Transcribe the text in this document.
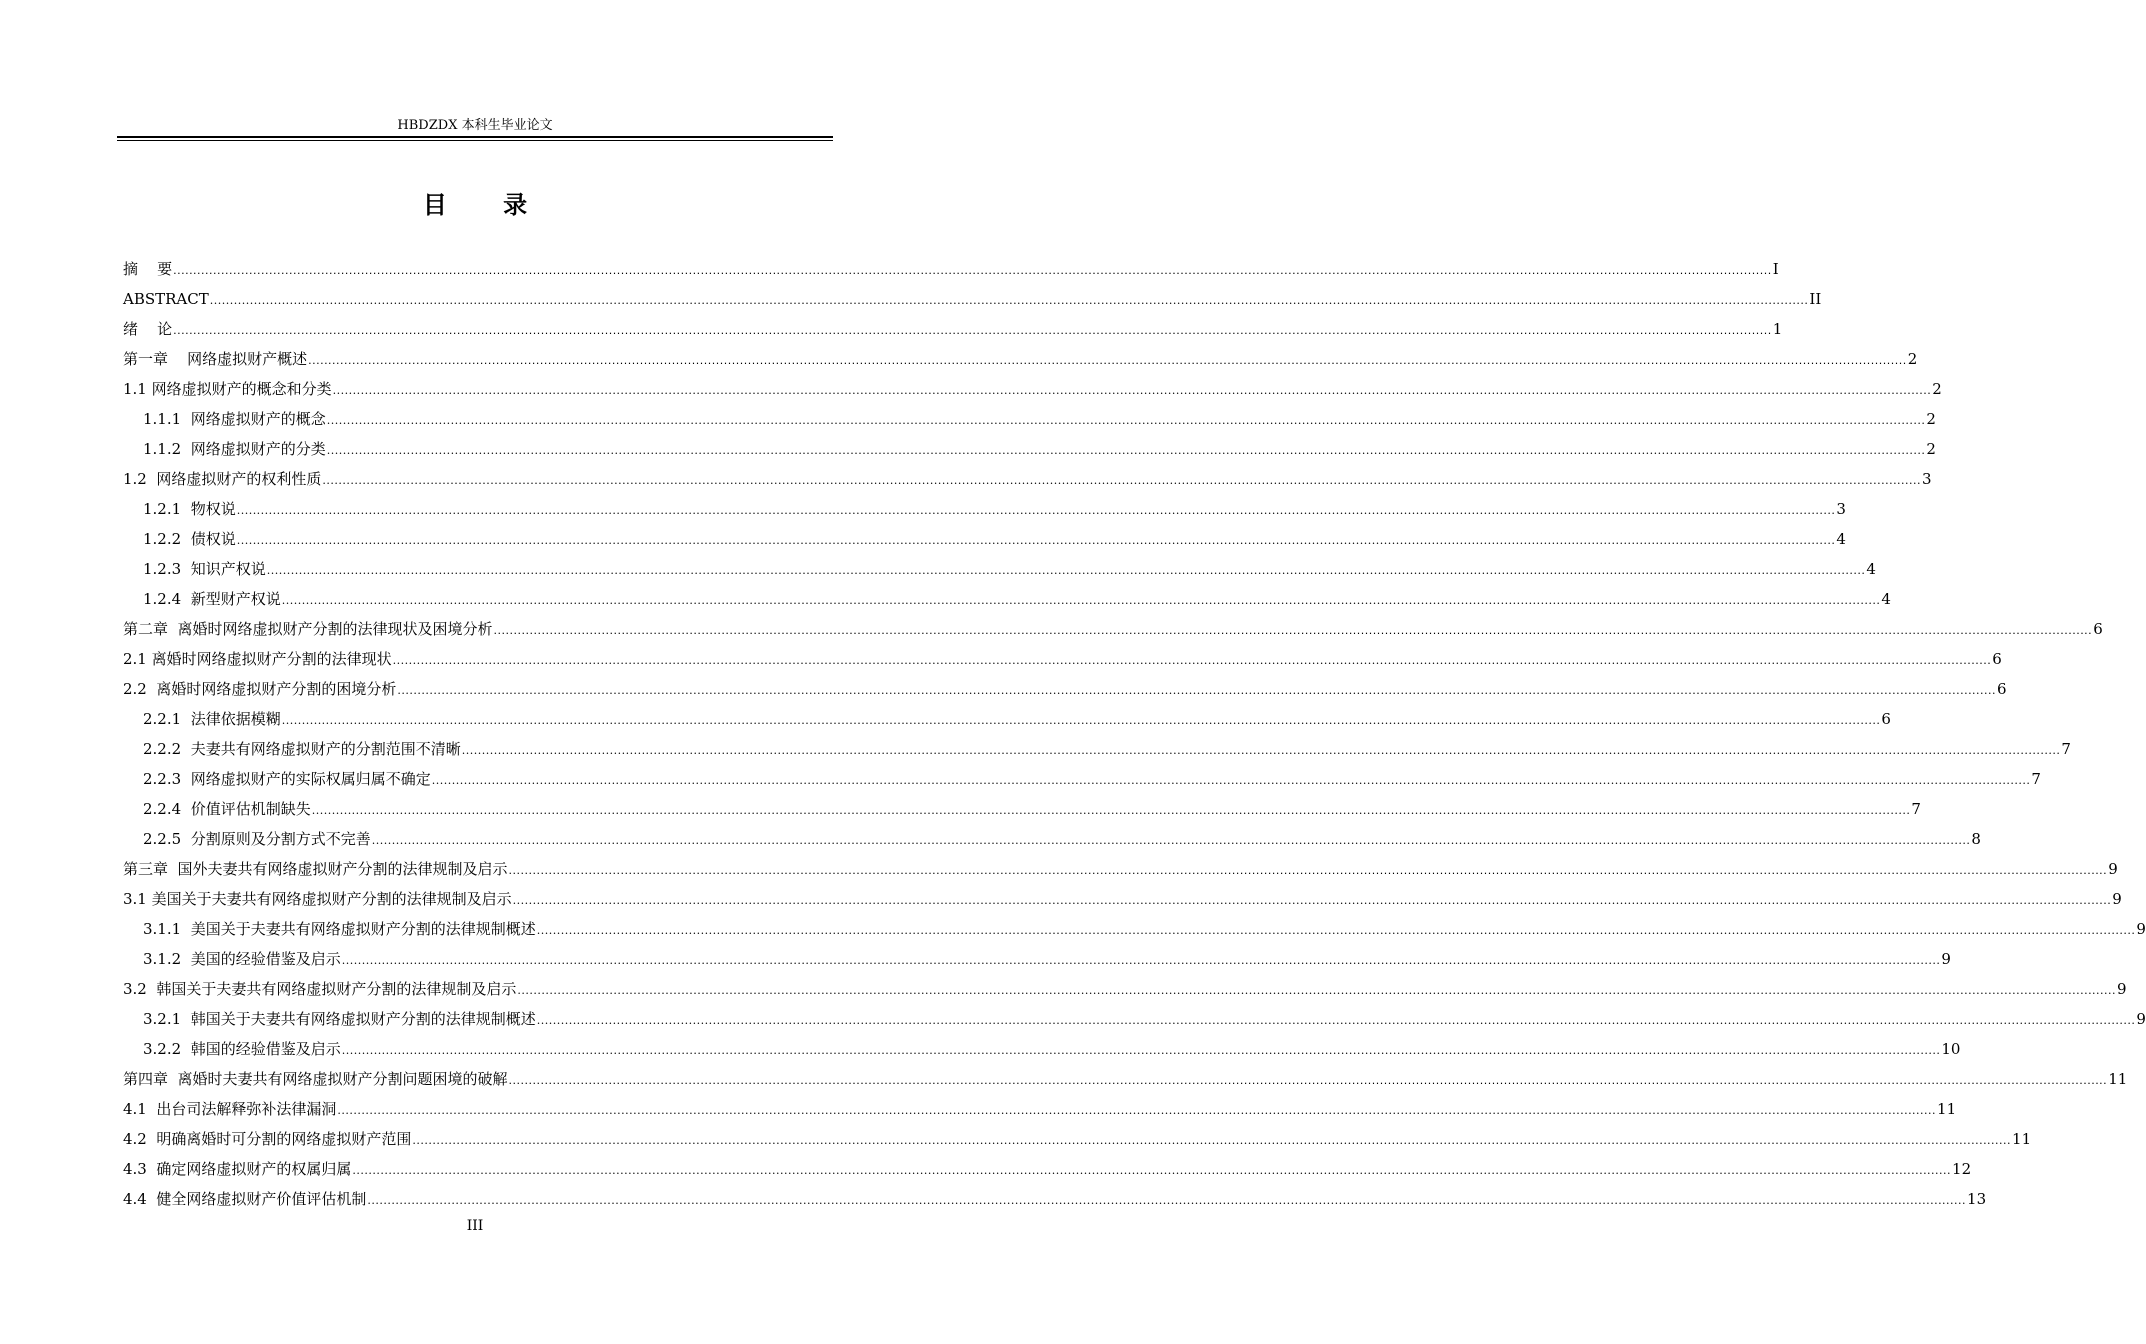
HBDZDX 本科生毕业论文
目 录
摘    要 ................................................................................................................................................................................................................................................................................................................................................................................................................ I
ABSTRACT ................................................................................................................................................................................................................................................................................................................................................................................................................ II
绪    论 ................................................................................................................................................................................................................................................................................................................................................................................................................ 1
第一章    网络虚拟财产概述 ................................................................................................................................................................................................................................................................................................................................................................................................................ 2
1.1 网络虚拟财产的概念和分类 ................................................................................................................................................................................................................................................................................................................................................................................................................ 2
1.1.1  网络虚拟财产的概念 ................................................................................................................................................................................................................................................................................................................................................................................................................ 2
1.1.2  网络虚拟财产的分类 ................................................................................................................................................................................................................................................................................................................................................................................................................ 2
1.2  网络虚拟财产的权利性质 ................................................................................................................................................................................................................................................................................................................................................................................................................ 3
1.2.1  物权说 ................................................................................................................................................................................................................................................................................................................................................................................................................ 3
1.2.2  债权说 ................................................................................................................................................................................................................................................................................................................................................................................................................ 4
1.2.3  知识产权说 ................................................................................................................................................................................................................................................................................................................................................................................................................ 4
1.2.4  新型财产权说 ................................................................................................................................................................................................................................................................................................................................................................................................................ 4
第二章  离婚时网络虚拟财产分割的法律现状及困境分析 ................................................................................................................................................................................................................................................................................................................................................................................................................ 6
2.1 离婚时网络虚拟财产分割的法律现状 ................................................................................................................................................................................................................................................................................................................................................................................................................ 6
2.2  离婚时网络虚拟财产分割的困境分析 ................................................................................................................................................................................................................................................................................................................................................................................................................ 6
2.2.1  法律依据模糊 ................................................................................................................................................................................................................................................................................................................................................................................................................ 6
2.2.2  夫妻共有网络虚拟财产的分割范围不清晰 ................................................................................................................................................................................................................................................................................................................................................................................................................ 7
2.2.3  网络虚拟财产的实际权属归属不确定 ................................................................................................................................................................................................................................................................................................................................................................................................................ 7
2.2.4  价值评估机制缺失 ................................................................................................................................................................................................................................................................................................................................................................................................................ 7
2.2.5  分割原则及分割方式不完善 ................................................................................................................................................................................................................................................................................................................................................................................................................ 8
第三章  国外夫妻共有网络虚拟财产分割的法律规制及启示 ................................................................................................................................................................................................................................................................................................................................................................................................................ 9
3.1 美国关于夫妻共有网络虚拟财产分割的法律规制及启示 ................................................................................................................................................................................................................................................................................................................................................................................................................ 9
3.1.1  美国关于夫妻共有网络虚拟财产分割的法律规制概述 ................................................................................................................................................................................................................................................................................................................................................................................................................ 9
3.1.2  美国的经验借鉴及启示 ................................................................................................................................................................................................................................................................................................................................................................................................................ 9
3.2  韩国关于夫妻共有网络虚拟财产分割的法律规制及启示 ................................................................................................................................................................................................................................................................................................................................................................................................................ 9
3.2.1  韩国关于夫妻共有网络虚拟财产分割的法律规制概述 ................................................................................................................................................................................................................................................................................................................................................................................................................ 9
3.2.2  韩国的经验借鉴及启示 ................................................................................................................................................................................................................................................................................................................................................................................................................ 10
第四章  离婚时夫妻共有网络虚拟财产分割问题困境的破解 ................................................................................................................................................................................................................................................................................................................................................................................................................ 11
4.1  出台司法解释弥补法律漏洞 ................................................................................................................................................................................................................................................................................................................................................................................................................ 11
4.2  明确离婚时可分割的网络虚拟财产范围 ................................................................................................................................................................................................................................................................................................................................................................................................................ 11
4.3  确定网络虚拟财产的权属归属 ................................................................................................................................................................................................................................................................................................................................................................................................................ 12
4.4  健全网络虚拟财产价值评估机制 ................................................................................................................................................................................................................................................................................................................................................................................................................ 13
III
